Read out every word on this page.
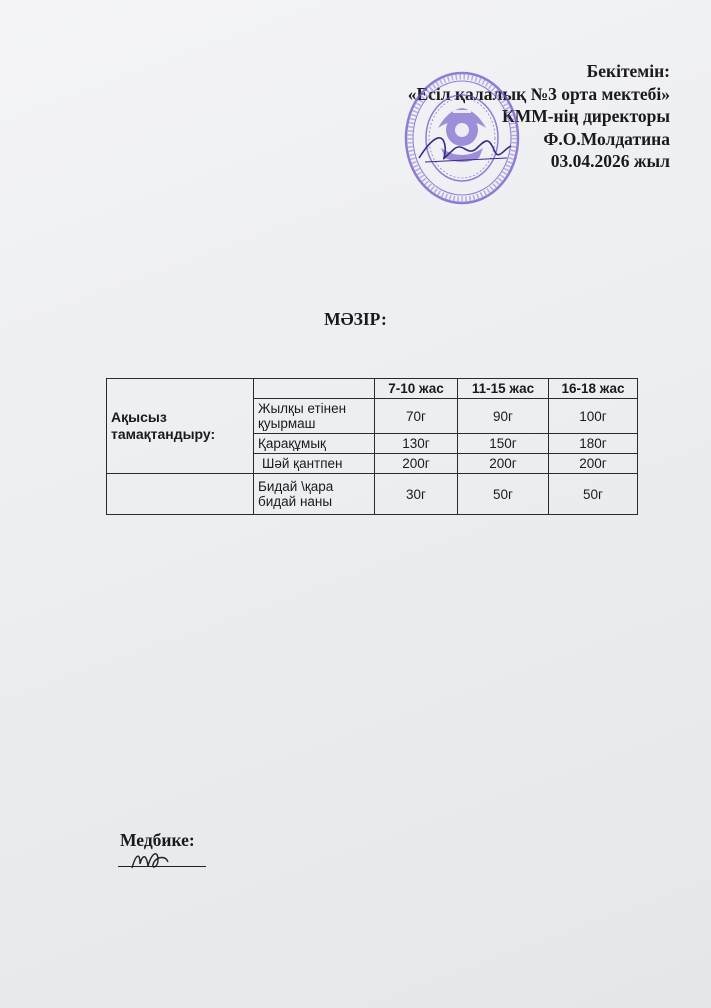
Бекітемін:
«Есіл қалалық №3 орта мектебі»
КММ-нің директоры
Ф.О.Молдатина
03.04.2026 жыл
МӘЗІР:
Ақысыз тамақтандыру:		7-10 жас	11-15 жас	16-18 жас
	Жылқы етінен қуырмаш	70г	90г	100г
	Қарақұмық	130г	150г	180г
	Шәй қантпен	200г	200г	200г
	Бидай \қара бидай наны	30г	50г	50г
Медбике:
